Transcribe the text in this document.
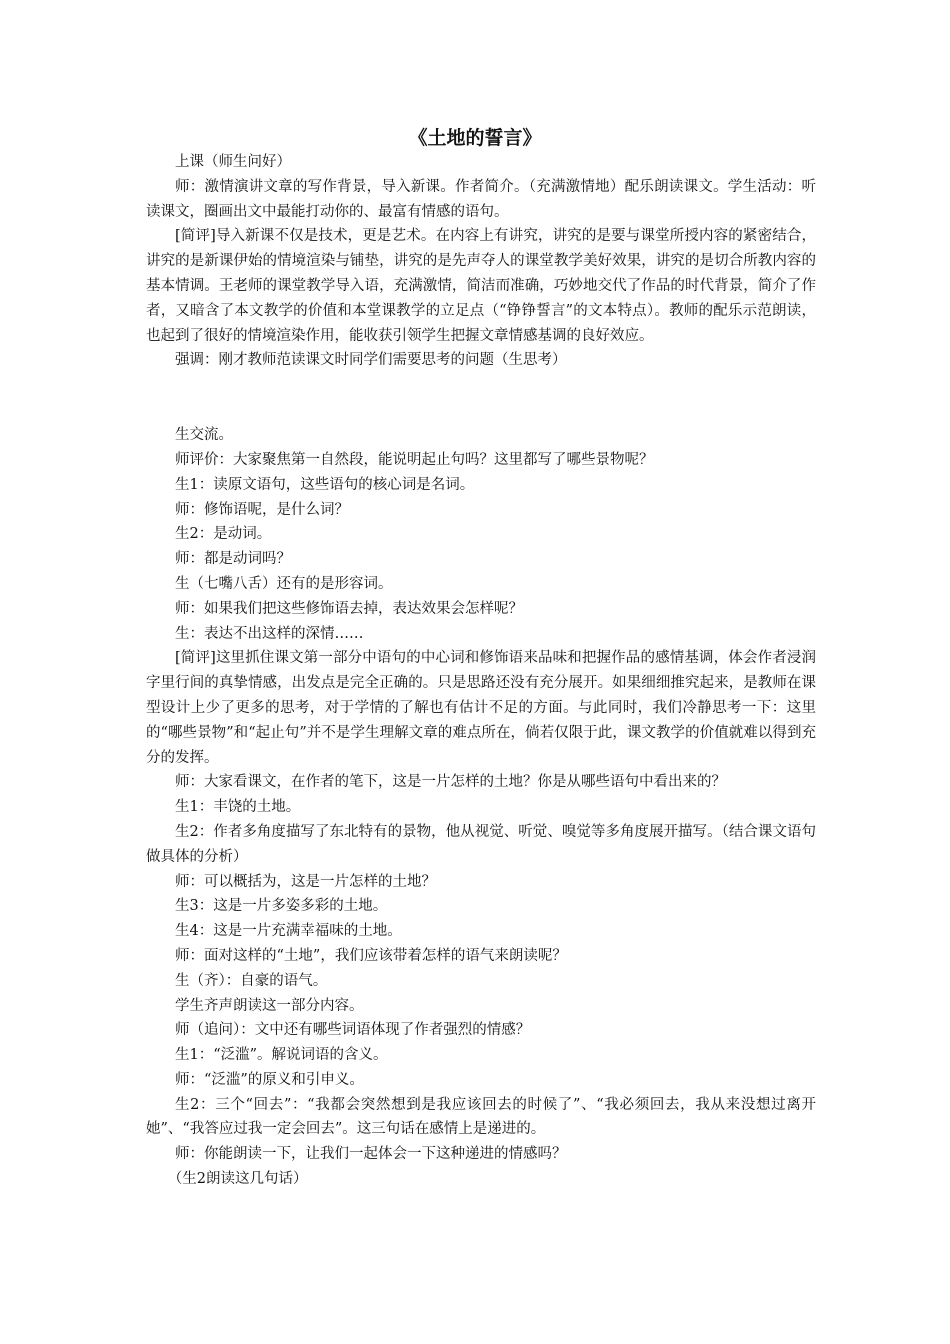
《土地的誓言》

上课（师生问好）

师：激情演讲文章的写作背景，导入新课。作者简介。（充满激情地）配乐朗读课文。学生活动：听读课文，圈画出文中最能打动你的、最富有情感的语句。

[简评]导入新课不仅是技术，更是艺术。在内容上有讲究，讲究的是要与课堂所授内容的紧密结合，讲究的是新课伊始的情境渲染与铺垫，讲究的是先声夺人的课堂教学美好效果，讲究的是切合所教内容的基本情调。王老师的课堂教学导入语，充满激情，简洁而准确，巧妙地交代了作品的时代背景，简介了作者，又暗含了本文教学的价值和本堂课教学的立足点（“铮铮誓言”的文本特点）。教师的配乐示范朗读，也起到了很好的情境渲染作用，能收获引领学生把握文章情感基调的良好效应。

强调：刚才教师范读课文时同学们需要思考的问题（生思考）

生交流。

师评价：大家聚焦第一自然段，能说明起止句吗？这里都写了哪些景物呢？

生1：读原文语句，这些语句的核心词是名词。

师：修饰语呢，是什么词？

生2：是动词。

师：都是动词吗？

生（七嘴八舌）还有的是形容词。

师：如果我们把这些修饰语去掉，表达效果会怎样呢？

生：表达不出这样的深情……

[简评]这里抓住课文第一部分中语句的中心词和修饰语来品味和把握作品的感情基调，体会作者浸润字里行间的真挚情感，出发点是完全正确的。只是思路还没有充分展开。如果细细推究起来，是教师在课型设计上少了更多的思考，对于学情的了解也有估计不足的方面。与此同时，我们冷静思考一下：这里的“哪些景物”和“起止句”并不是学生理解文章的难点所在，倘若仅限于此，课文教学的价值就难以得到充分的发挥。

师：大家看课文，在作者的笔下，这是一片怎样的土地？你是从哪些语句中看出来的？

生1：丰饶的土地。

生2：作者多角度描写了东北特有的景物，他从视觉、听觉、嗅觉等多角度展开描写。（结合课文语句做具体的分析）

师：可以概括为，这是一片怎样的土地？

生3：这是一片多姿多彩的土地。

生4：这是一片充满幸福味的土地。

师：面对这样的“土地”，我们应该带着怎样的语气来朗读呢？

生（齐）：自豪的语气。

学生齐声朗读这一部分内容。

师（追问）：文中还有哪些词语体现了作者强烈的情感？

生1：“泛滥”。解说词语的含义。

师：“泛滥”的原义和引申义。

生2：三个“回去”：“我都会突然想到是我应该回去的时候了”、“我必须回去，我从来没想过离开她”、“我答应过我一定会回去”。这三句话在感情上是递进的。

师：你能朗读一下，让我们一起体会一下这种递进的情感吗？

（生2朗读这几句话）
